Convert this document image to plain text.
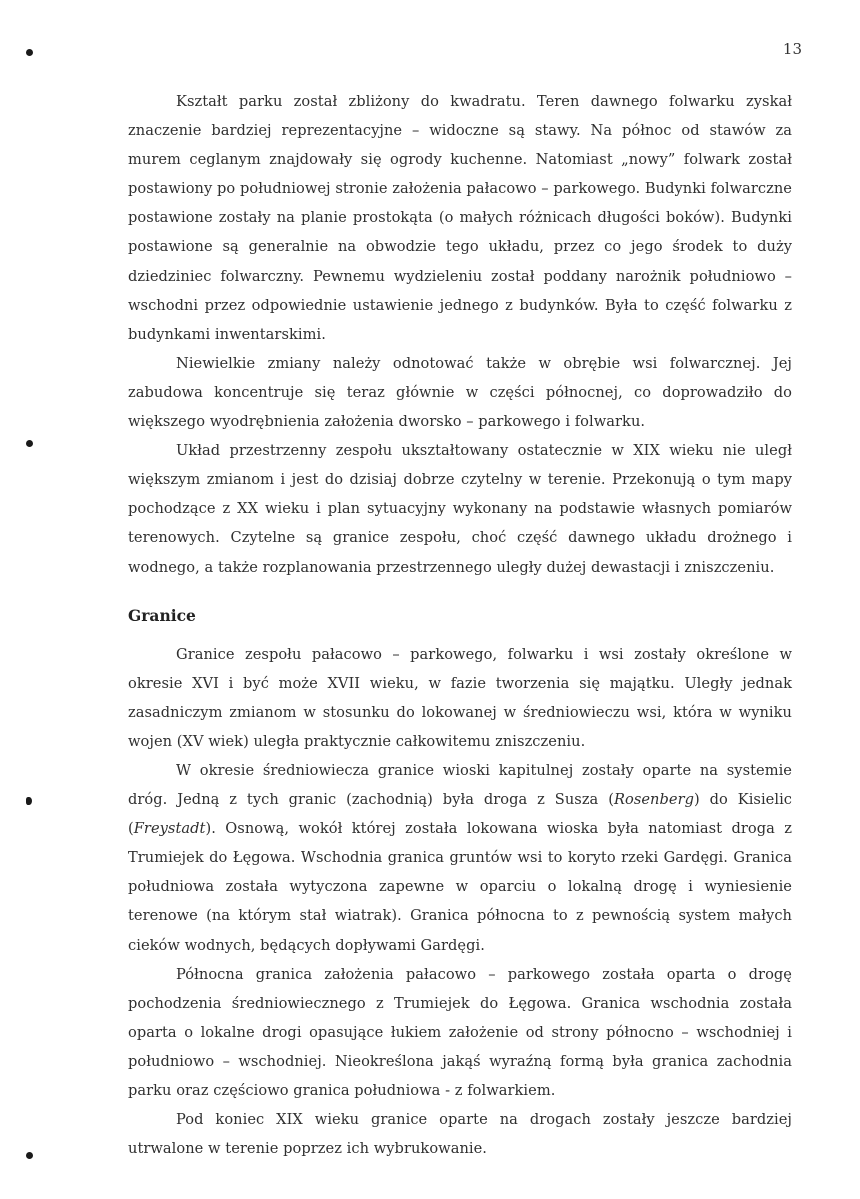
13

Kształt parku został zbliżony do kwadratu. Teren dawnego folwarku zyskał znaczenie bardziej reprezentacyjne – widoczne są stawy. Na północ od stawów za murem ceglanym znajdowały się ogrody kuchenne. Natomiast „nowy” folwark został postawiony po południowej stronie założenia pałacowo – parkowego. Budynki folwarczne postawione zostały na planie prostokąta (o małych różnicach długości boków). Budynki postawione są generalnie na obwodzie tego układu, przez co jego środek to duży dziedziniec folwarczny. Pewnemu wydzieleniu został poddany narożnik południowo – wschodni przez odpowiednie ustawienie jednego z budynków. Była to część folwarku z budynkami inwentarskimi.

Niewielkie zmiany należy odnotować także w obrębie wsi folwarcznej. Jej zabudowa koncentruje się teraz głównie w części północnej, co doprowadziło do większego wyodrębnienia założenia dworsko – parkowego i folwarku.

Układ przestrzenny zespołu ukształtowany ostatecznie w XIX wieku nie uległ większym zmianom i jest do dzisiaj dobrze czytelny w terenie. Przekonują o tym mapy pochodzące z XX wieku i plan sytuacyjny wykonany na podstawie własnych pomiarów terenowych. Czytelne są granice zespołu, choć część dawnego układu drożnego i wodnego, a także rozplanowania przestrzennego uległy dużej dewastacji i zniszczeniu.

Granice

Granice zespołu pałacowo – parkowego, folwarku i wsi zostały określone w okresie XVI i być może XVII wieku, w fazie tworzenia się majątku. Uległy jednak zasadniczym zmianom w stosunku do lokowanej w średniowieczu wsi, która w wyniku wojen (XV wiek) uległa praktycznie całkowitemu zniszczeniu.

W okresie średniowiecza granice wioski kapitulnej zostały oparte na systemie dróg. Jedną z tych granic (zachodnią) była droga z Susza (Rosenberg) do Kisielic (Freystadt). Osnową, wokół której została lokowana wioska była natomiast droga z Trumiejek do Łęgowa. Wschodnia granica gruntów wsi to koryto rzeki Gardęgi. Granica południowa została wytyczona zapewne w oparciu o lokalną drogę i wyniesienie terenowe (na którym stał wiatrak). Granica północna to z pewnością system małych cieków wodnych, będących dopływami Gardęgi.

Północna granica założenia pałacowo – parkowego została oparta o drogę pochodzenia średniowiecznego z Trumiejek do Łęgowa. Granica wschodnia została oparta o lokalne drogi opasujące łukiem założenie od strony północno – wschodniej i południowo – wschodniej. Nieokreślona jakąś wyraźną formą była granica zachodnia parku oraz częściowo granica południowa - z folwarkiem.

Pod koniec XIX wieku granice oparte na drogach zostały jeszcze bardziej utrwalone w terenie poprzez ich wybrukowanie.
